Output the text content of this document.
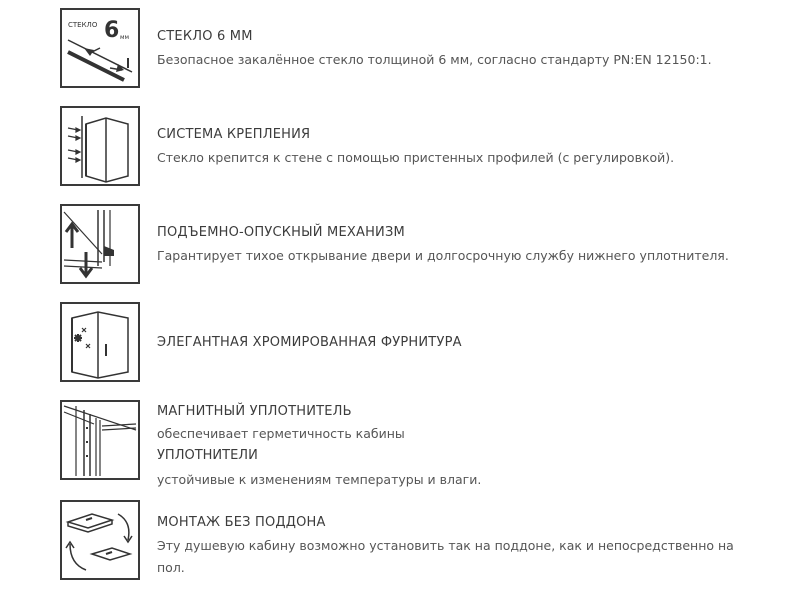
СТЕКЛО 6 мм СТЕКЛО 6 ММ
Безопасное закалённое стекло толщиной 6 мм, согласно стандарту PN:EN 12150:1.
СИСТЕМА КРЕПЛЕНИЯ
Стекло крепится к стене с помощью пристенных профилей (с регулировкой).
ПОДЪЕМНО-ОПУСКНЫЙ МЕХАНИЗМ
Гарантирует тихое открывание двери и долгосрочную службу нижнего уплотнителя.
ЭЛЕГАНТНАЯ ХРОМИРОВАННАЯ ФУРНИТУРА
МАГНИТНЫЙ УПЛОТНИТЕЛЬ
обеспечивает герметичность кабины
УПЛОТНИТЕЛИ
устойчивые к изменениям температуры и влаги.
МОНТАЖ БЕЗ ПОДДОНА
Эту душевую кабину возможно установить так на поддоне, как и непосредственно на пол.
